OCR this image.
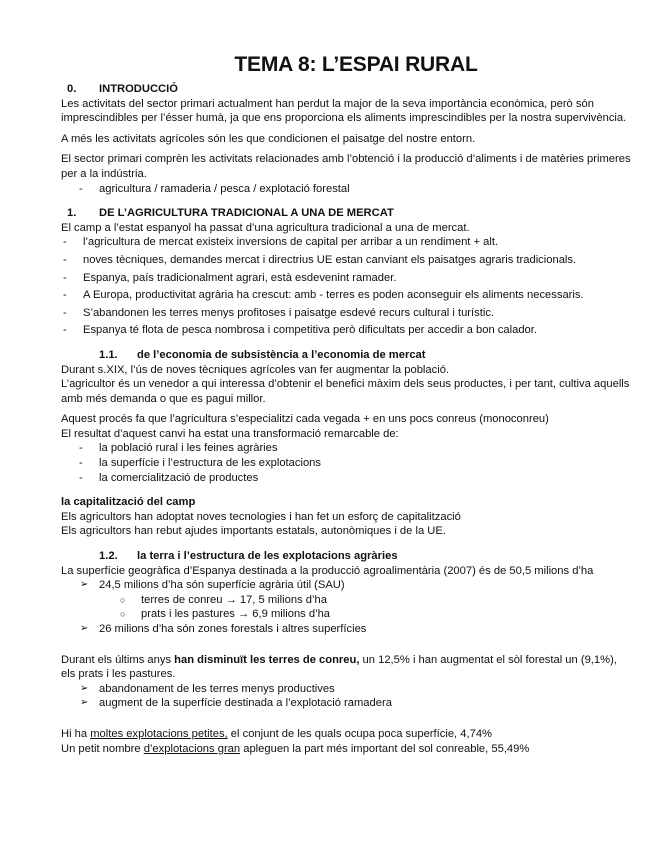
TEMA 8: L’ESPAI RURAL
0. INTRODUCCIÓ

Les activitats del sector primari actualment han perdut la major de la seva importància econòmica, però són imprescindibles per l’ésser humà, ja que ens proporciona els aliments imprescindibles per la nostra supervivència.

A més les activitats agrícoles són les que condicionen el paisatge del nostre entorn.

El sector primari comprèn les activitats relacionades amb l’obtenció i la producció d’aliments i de matèries primeres per a la indústria.

- agricultura / ramaderia / pesca / explotació forestal
1. DE L’AGRICULTURA TRADICIONAL A UNA DE MERCAT

El camp a l’estat espanyol ha passat d’una agricultura tradicional a una de mercat.

- l’agricultura de mercat existeix inversions de capital per arribar a un rendiment + alt.
- noves tècniques, demandes mercat i directrius UE estan canviant els paisatges agraris tradicionals.
- Espanya, país tradicionalment agrari, està esdevenint ramader.
- A Europa, productivitat agrària ha crescut: amb - terres es poden aconseguir els aliments necessaris.
- S’abandonen les terres menys profitoses i paisatge esdevé recurs cultural i turístic.
- Espanya té flota de pesca nombrosa i competitiva però dificultats per accedir a bon calador.
1.1. de l’economia de subsistència a l’economia de mercat

Durant s.XIX, l’ús de noves tècniques agrícoles van fer augmentar la població.

L’agricultor és un venedor a qui interessa d’obtenir el benefici màxim dels seus productes, i per tant, cultiva aquells amb més demanda o que es pagui millor.

Aquest procés fa que l’agricultura s’especialitzi cada vegada + en uns pocs conreus (monoconreu)

El resultat d’aquest canvi ha estat una transformació remarcable de:

- la població rural i les feines agràries
- la superfície i l’estructura de les explotacions
- la comercialització de productes

la capitalització del camp

Els agricultors han adoptat noves tecnologies i han fet un esforç de capitalització

Els agricultors han rebut ajudes importants estatals, autonòmiques i de la UE.

1.2. la terra i l’estructura de les explotacions agràries

La superfície geogràfica d’Espanya destinada a la producció agroalimentària (2007) és de 50,5 milions d’ha

➢ 24,5 milions d’ha són superfície agrària útil (SAU)
○ terres de conreu → 17, 5 milions d’ha
○ prats i les pastures → 6,9 milions d’ha
➢ 26 milions d’ha són zones forestals i altres superfícies

Durant els últims anys han disminuït les terres de conreu, un 12,5% i han augmentat el sòl forestal un (9,1%), els prats i les pastures.

➢ abandonament de les terres menys productives
➢ augment de la superfície destinada a l’explotació ramadera

Hi ha moltes explotacions petites, el conjunt de les quals ocupa poca superfície, 4,74%

Un petit nombre d’explotacions gran apleguen la part més important del sol conreable, 55,49%
